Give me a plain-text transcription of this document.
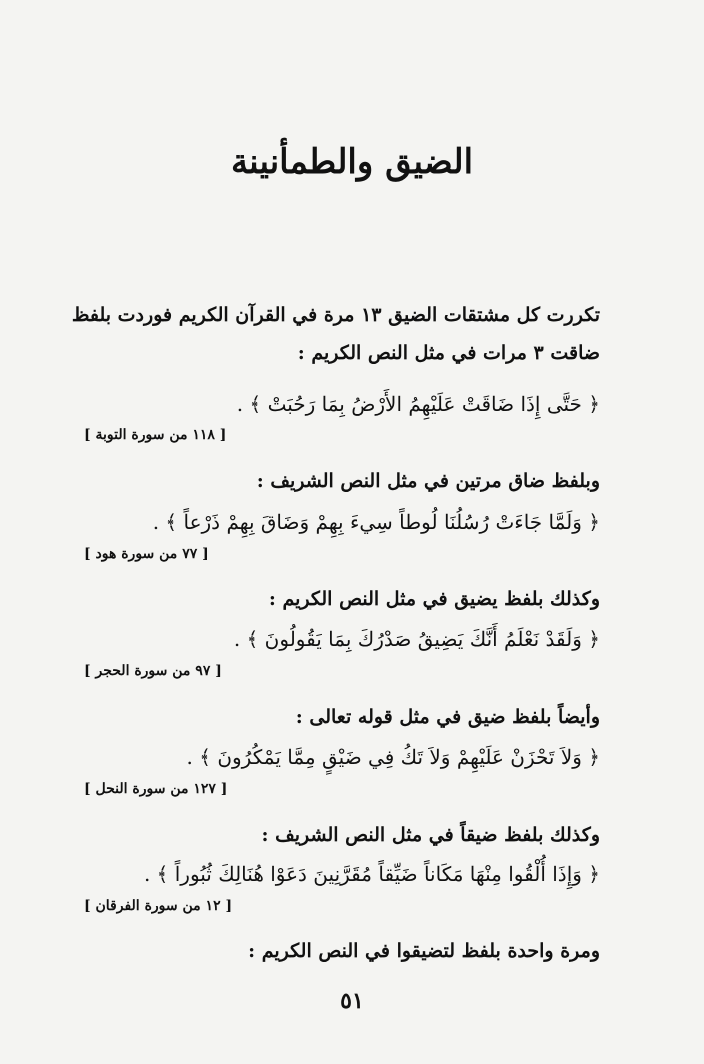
الضيق والطمأنينة
تكررت كل مشتقات الضيق ١٣ مرة في القرآن الكريم فوردت بلفظ
ضاقت ٣ مرات في مثل النص الكريم :
﴿ حَتَّى إِذَا ضَاقَتْ عَلَيْهِمُ الأَرْضُ بِمَا رَحُبَتْ ﴾ .
[ ١١٨ من سورة التوبة ]
وبلفظ ضاق مرتين في مثل النص الشريف :
﴿ وَلَمَّا جَاءَتْ رُسُلُنَا لُوطاً سِيءَ بِهِمْ وَضَاقَ بِهِمْ ذَرْعاً ﴾ .
[ ٧٧ من سورة هود ]
وكذلك بلفظ يضيق في مثل النص الكريم :
﴿ وَلَقَدْ نَعْلَمُ أَنَّكَ يَضِيقُ صَدْرُكَ بِمَا يَقُولُونَ ﴾ .
[ ٩٧ من سورة الحجر ]
وأيضاً بلفظ ضيق في مثل قوله تعالى :
﴿ وَلاَ تَحْزَنْ عَلَيْهِمْ وَلاَ تَكُ فِي ضَيْقٍ مِمَّا يَمْكُرُونَ ﴾ .
[ ١٢٧ من سورة النحل ]
وكذلك بلفظ ضيقاً في مثل النص الشريف :
﴿ وَإِذَا أُلْقُوا مِنْهَا مَكَاناً ضَيِّقاً مُقَرَّنِينَ دَعَوْا هُنَالِكَ ثُبُوراً ﴾ .
[ ١٢ من سورة الفرقان ]
ومرة واحدة بلفظ لتضيقوا في النص الكريم :
٥١
